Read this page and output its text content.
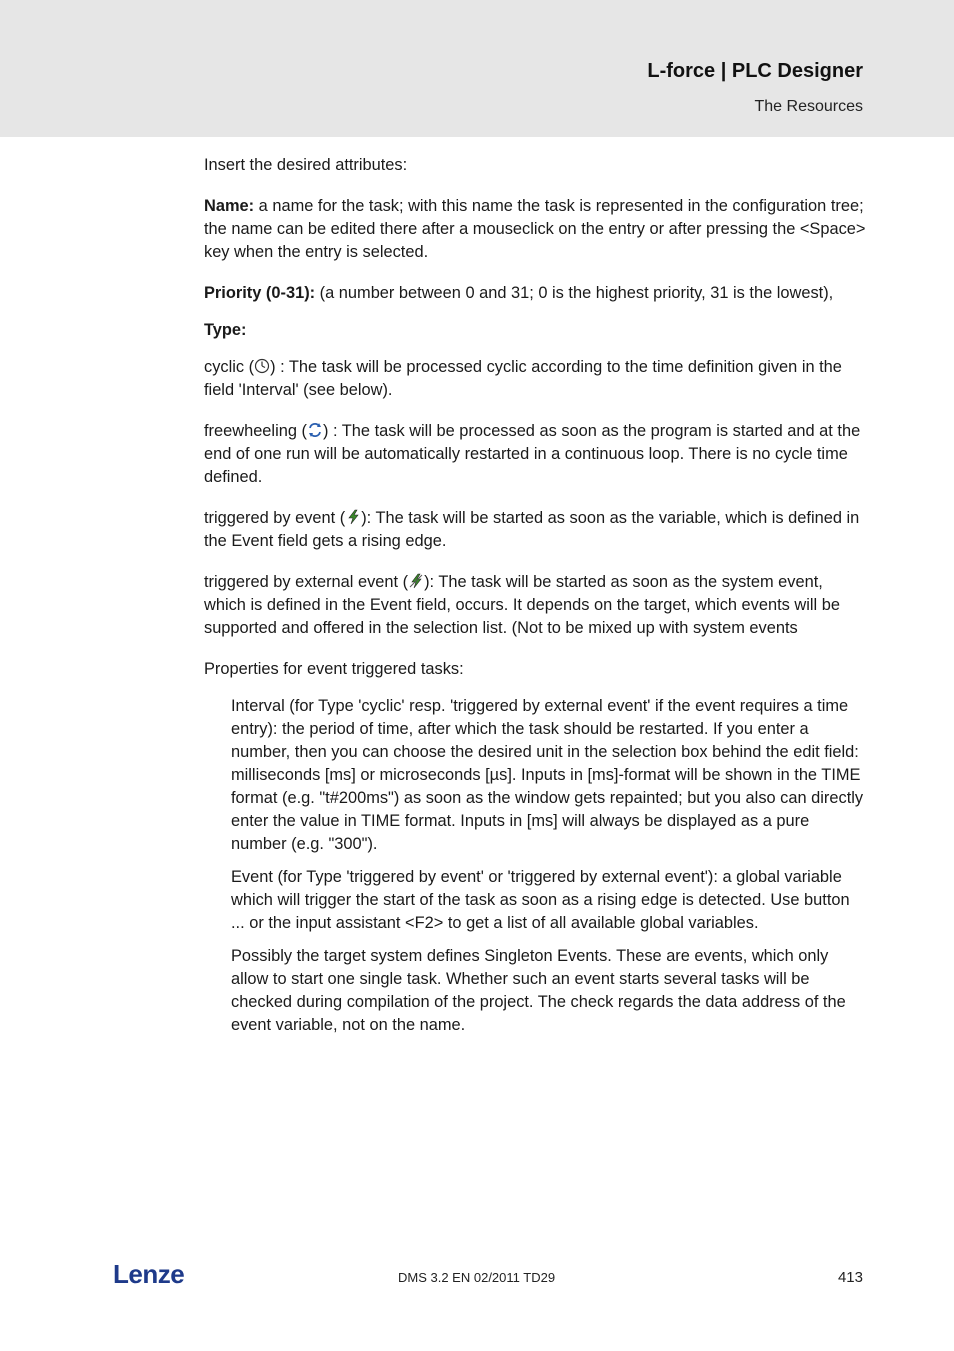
L-force | PLC Designer
The Resources

Insert the desired attributes:

Name: a name for the task; with this name the task is represented in the configuration tree; the name can be edited there after a mouseclick on the entry or after pressing the <Space> key when the entry is selected.

Priority (0-31): (a number between 0 and 31; 0 is the highest priority, 31 is the lowest),

Type:

cyclic ( ) : The task will be processed cyclic according to the time definition given in the field 'Interval' (see below).

freewheeling ( ) : The task will be processed as soon as the program is started and at the end of one run will be automatically restarted in a continuous loop. There is no cycle time defined.

triggered by event ( ): The task will be started as soon as the variable, which is defined in the Event field gets a rising edge.

triggered by external event ( ): The task will be started as soon as the system event, which is defined in the Event field, occurs. It depends on the target, which events will be supported and offered in the selection list. (Not to be mixed up with system events

Properties for event triggered tasks:

Interval (for Type 'cyclic' resp. 'triggered by external event' if the event requires a time entry): the period of time, after which the task should be restarted. If you enter a number, then you can choose the desired unit in the selection box behind the edit field: milliseconds [ms] or microseconds [µs]. Inputs in [ms]-format will be shown in the TIME format (e.g. "t#200ms") as soon as the window gets repainted; but you also can directly enter the value in TIME format. Inputs in [ms] will always be displayed as a pure number (e.g. "300").

Event (for Type 'triggered by event' or 'triggered by external event'): a global variable which will trigger the start of the task as soon as a rising edge is detected. Use button ... or the input assistant <F2> to get a list of all available global variables.

Possibly the target system defines Singleton Events. These are events, which only allow to start one single task. Whether such an event starts several tasks will be checked during compilation of the project. The check regards the data address of the event variable, not on the name.

Lenze	DMS 3.2 EN 02/2011 TD29	413
